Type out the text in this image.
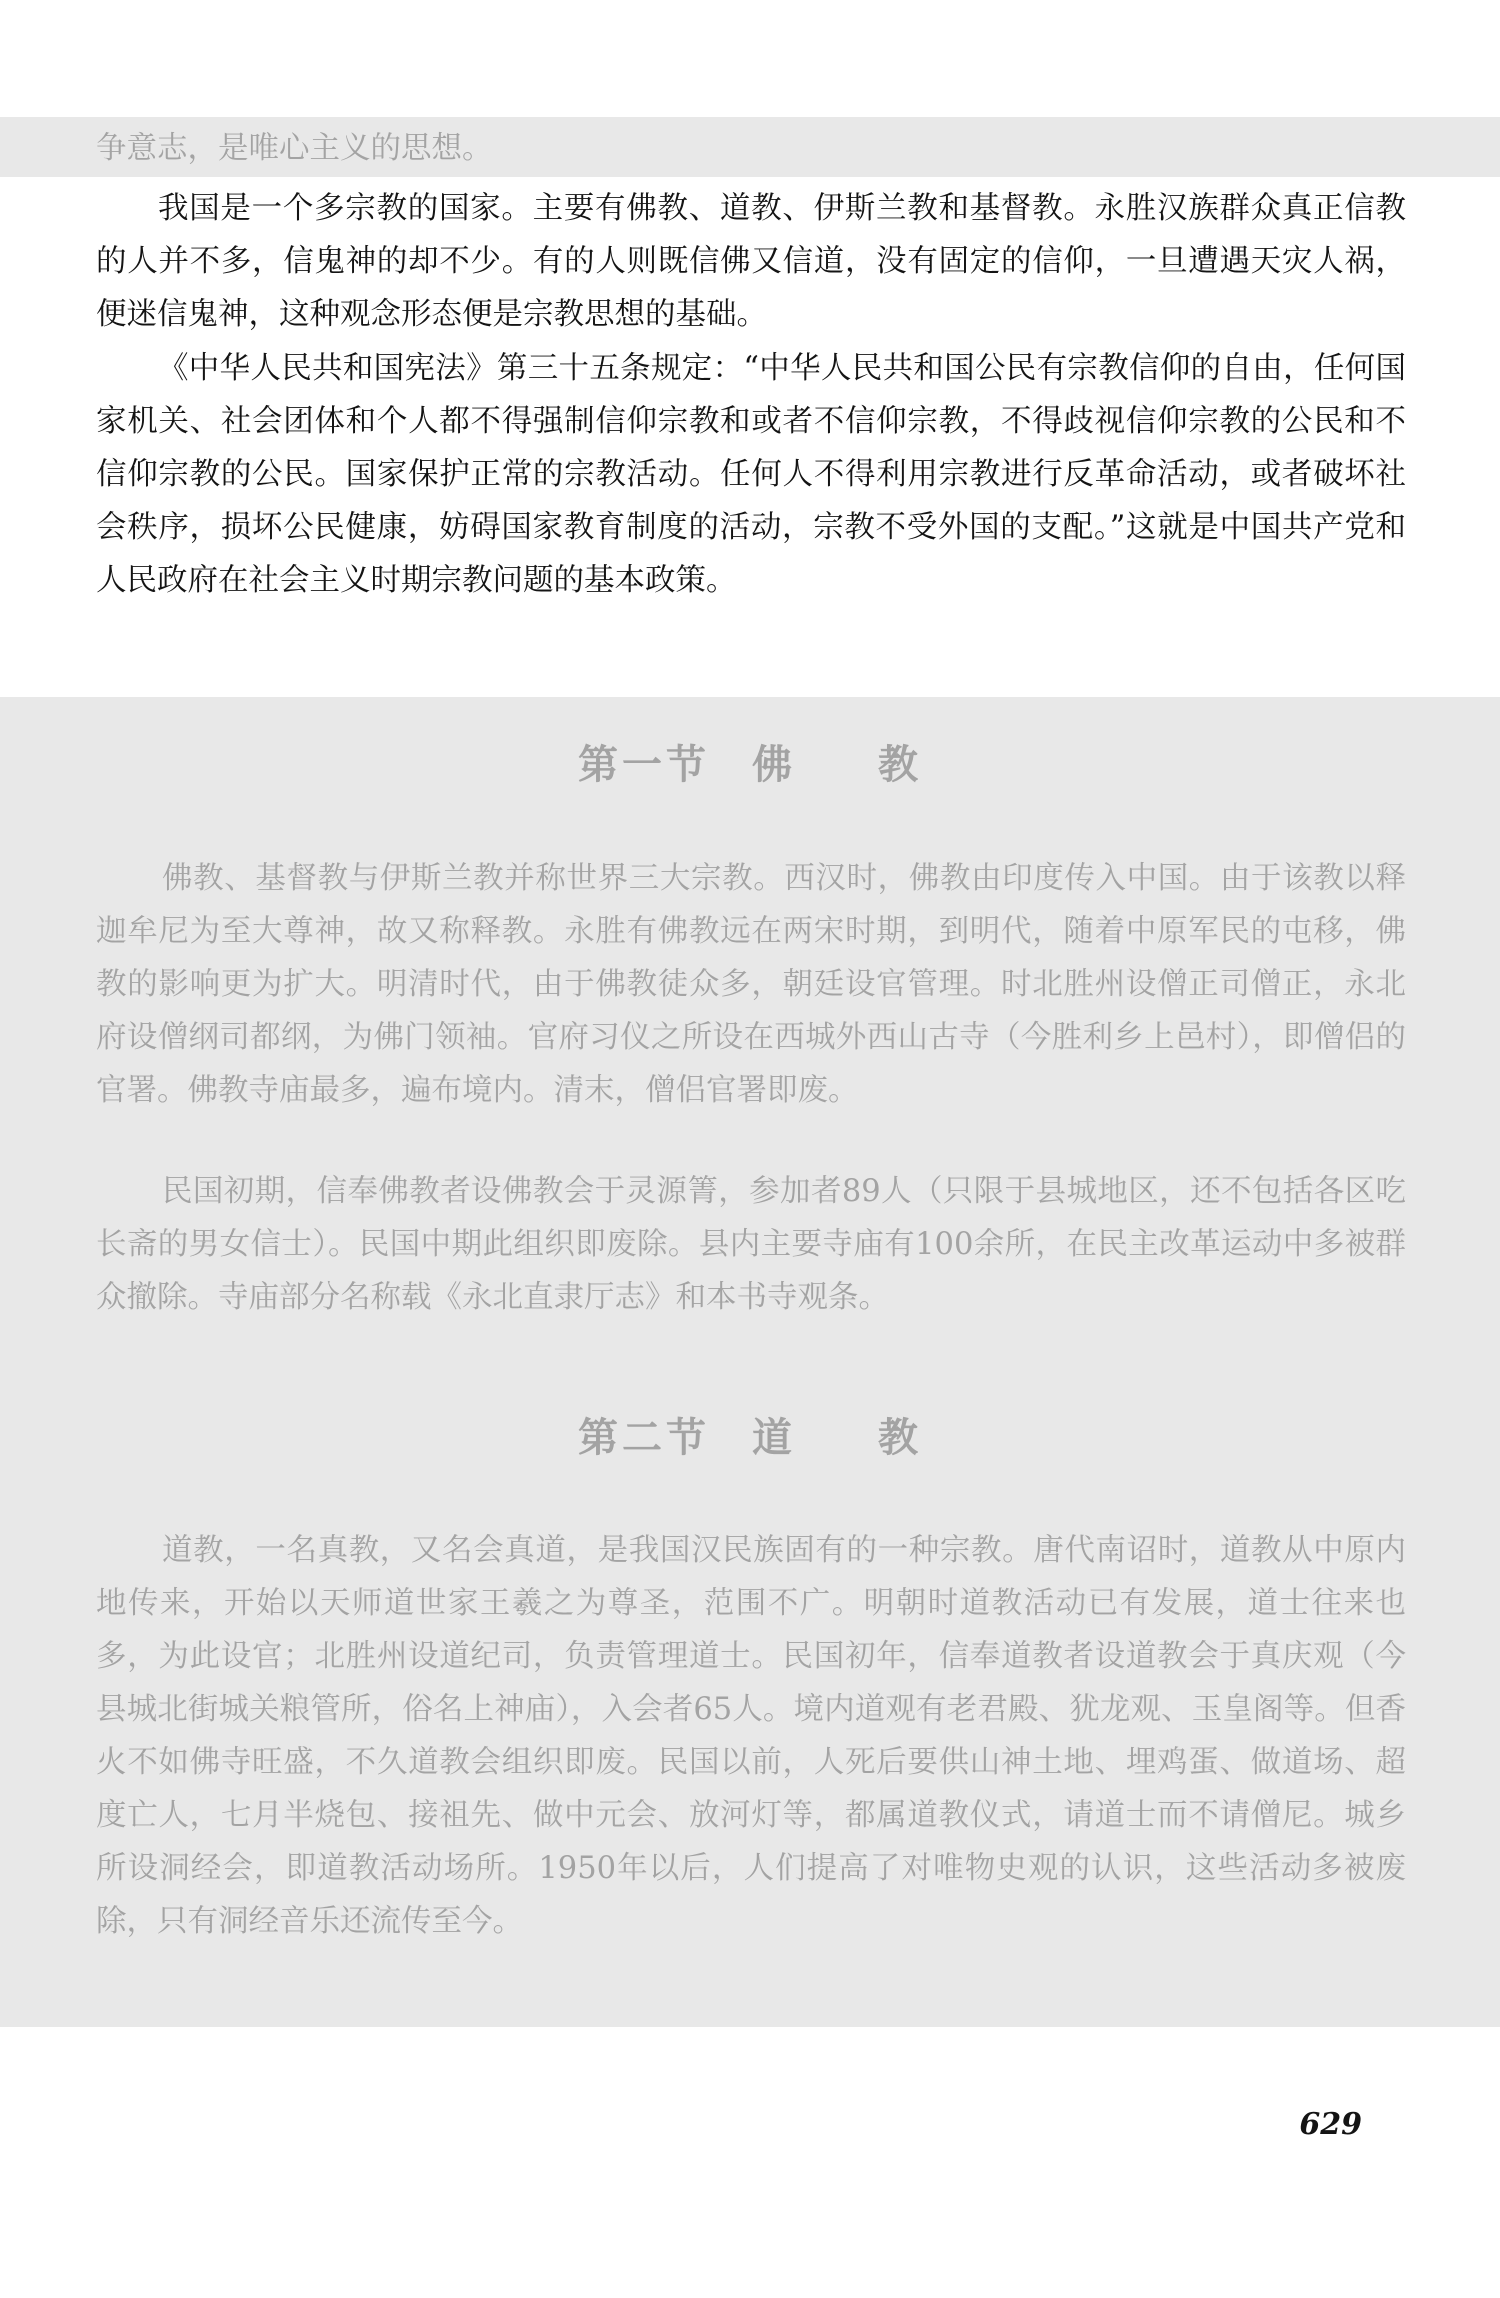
争意志，是唯心主义的思想。

我国是一个多宗教的国家。主要有佛教、道教、伊斯兰教和基督教。永胜汉族群众真正信教的人并不多，信鬼神的却不少。有的人则既信佛又信道，没有固定的信仰，一旦遭遇天灾人祸，便迷信鬼神，这种观念形态便是宗教思想的基础。

《中华人民共和国宪法》第三十五条规定：“中华人民共和国公民有宗教信仰的自由，任何国家机关、社会团体和个人都不得强制信仰宗教和或者不信仰宗教，不得歧视信仰宗教的公民和不信仰宗教的公民。国家保护正常的宗教活动。任何人不得利用宗教进行反革命活动，或者破坏社会秩序，损坏公民健康，妨碍国家教育制度的活动，宗教不受外国的支配。”这就是中国共产党和人民政府在社会主义时期宗教问题的基本政策。

第一节 佛 教

佛教、基督教与伊斯兰教并称世界三大宗教。西汉时，佛教由印度传入中国。由于该教以释迦牟尼为至大尊神，故又称释教。永胜有佛教远在两宋时期，到明代，随着中原军民的屯移，佛教的影响更为扩大。明清时代，由于佛教徒众多，朝廷设官管理。时北胜州设僧正司僧正，永北府设僧纲司都纲，为佛门领袖。官府习仪之所设在西城外西山古寺（今胜利乡上邑村），即僧侣的官署。佛教寺庙最多，遍布境内。清末，僧侣官署即废。

民国初期，信奉佛教者设佛教会于灵源箐，参加者89人（只限于县城地区，还不包括各区吃长斋的男女信士）。民国中期此组织即废除。县内主要寺庙有100余所，在民主改革运动中多被群众撤除。寺庙部分名称载《永北直隶厅志》和本书寺观条。

第二节 道 教

道教，一名真教，又名会真道，是我国汉民族固有的一种宗教。唐代南诏时，道教从中原内地传来，开始以天师道世家王羲之为尊圣，范围不广。明朝时道教活动已有发展，道士往来也多，为此设官；北胜州设道纪司，负责管理道士。民国初年，信奉道教者设道教会于真庆观（今县城北街城关粮管所，俗名上神庙），入会者65人。境内道观有老君殿、犹龙观、玉皇阁等。但香火不如佛寺旺盛，不久道教会组织即废。民国以前，人死后要供山神土地、埋鸡蛋、做道场、超度亡人，七月半烧包、接祖先、做中元会、放河灯等，都属道教仪式，请道士而不请僧尼。城乡所设洞经会，即道教活动场所。1950年以后，人们提高了对唯物史观的认识，这些活动多被废除，只有洞经音乐还流传至今。

629
